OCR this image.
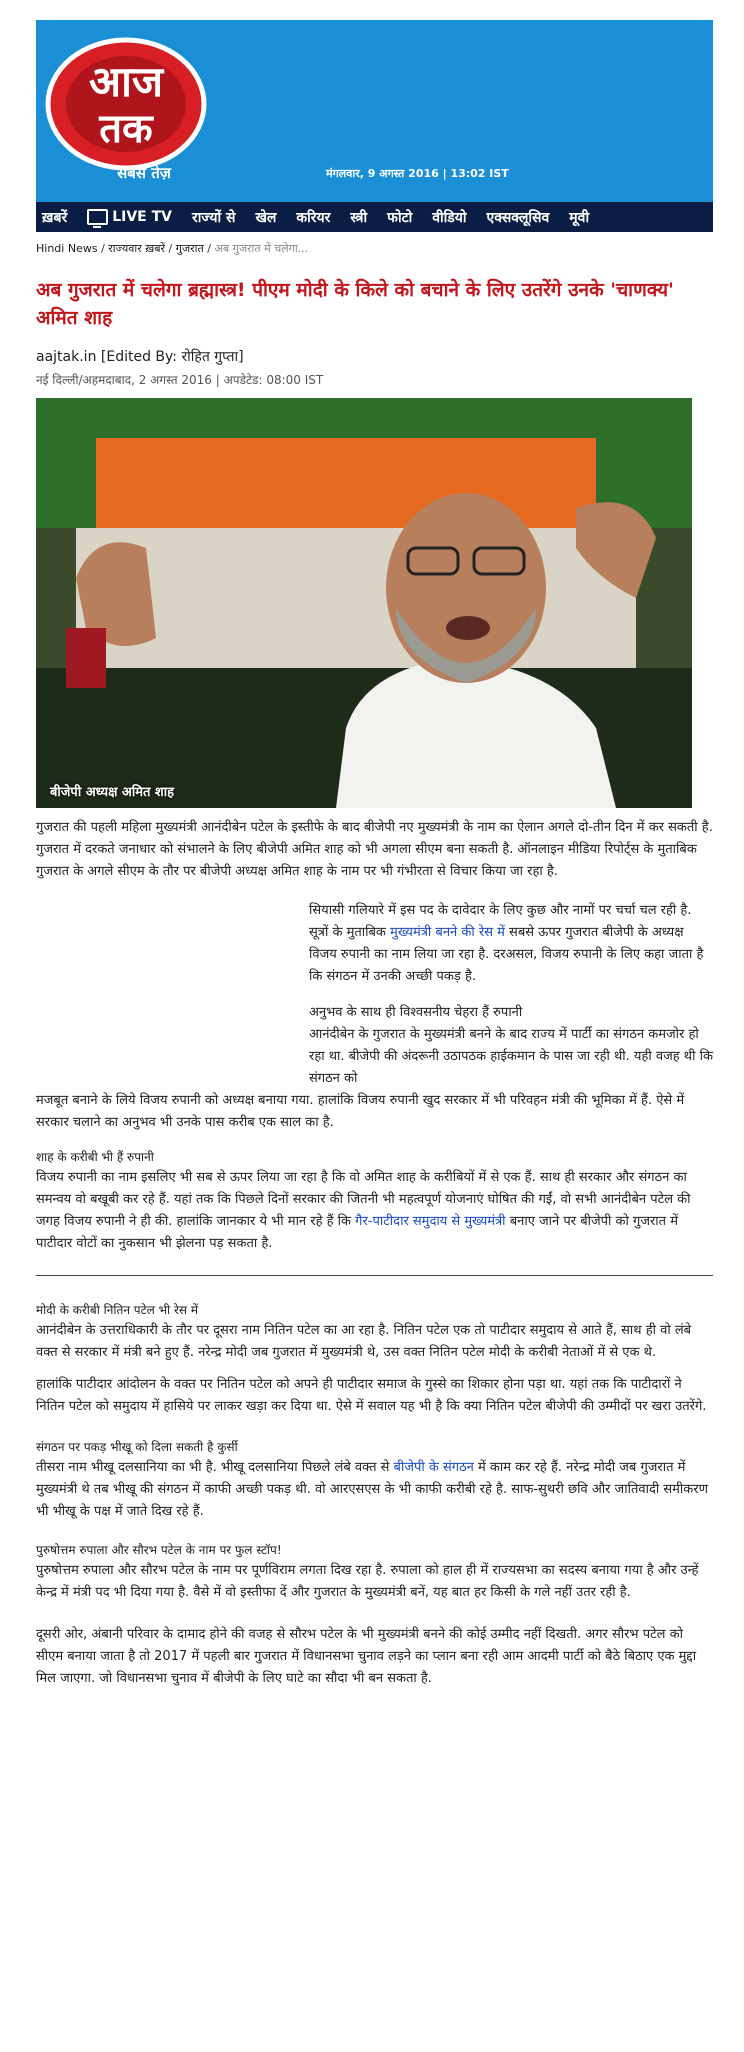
आज
तक
सबसे तेज़	मंगलवार, 9 अगस्त 2016 | 13:02 IST
ख़बरें	LIVE TV राज्यों से खेल करियर स्त्री फोटो वीडियो एक्सक्लूसिव मूवी
Hindi News / राज्यवार ख़बरें / गुजरात / अब गुजरात में चलेगा...
अब गुजरात में चलेगा ब्रह्मास्त्र! पीएम मोदी के किले को बचाने के लिए उतरेंगे उनके 'चाणक्य' अमित शाह
aajtak.in [Edited By: रोहित गुप्ता]
नई दिल्ली/अहमदाबाद, 2 अगस्त 2016 | अपडेटेड: 08:00 IST
बीजेपी अध्यक्ष अमित शाह

गुजरात की पहली महिला मुख्यमंत्री आनंदीबेन पटेल के इस्तीफे के बाद बीजेपी नए मुख्यमंत्री के नाम का ऐलान अगले दो-तीन दिन में कर सकती है. गुजरात में दरकते जनाधार को संभालने के लिए बीजेपी अमित शाह को भी अगला सीएम बना सकती है. ऑनलाइन मीडिया रिपोर्ट्स के मुताबिक गुजरात के अगले सीएम के तौर पर बीजेपी अध्यक्ष अमित शाह के नाम पर भी गंभीरता से विचार किया जा रहा है.

सियासी गलियारे में इस पद के दावेदार के लिए कुछ और नामों पर चर्चा चल रही है. सूत्रों के मुताबिक मुख्यमंत्री बनने की रेस में सबसे ऊपर गुजरात बीजेपी के अध्यक्ष विजय रुपानी का नाम लिया जा रहा है. दरअसल, विजय रुपानी के लिए कहा जाता है कि संगठन में उनकी अच्छी पकड़ है.

अनुभव के साथ ही विश्वसनीय चेहरा हैं रुपानी
आनंदीबेन के गुजरात के मुख्यमंत्री बनने के बाद राज्य में पार्टी का संगठन कमजोर हो रहा था. बीजेपी की अंदरूनी उठापठक हाईकमान के पास जा रही थी. यही वजह थी कि संगठन को

मजबूत बनाने के लिये विजय रुपानी को अध्यक्ष बनाया गया. हालांकि विजय रुपानी खुद सरकार में भी परिवहन मंत्री की भूमिका में हैं. ऐसे में सरकार चलाने का अनुभव भी उनके पास करीब एक साल का है.

शाह के करीबी भी हैं रुपानी

विजय रुपानी का नाम इसलिए भी सब से ऊपर लिया जा रहा है कि वो अमित शाह के करीबियों में से एक हैं. साथ ही सरकार और संगठन का समन्वय वो बखूबी कर रहे हैं. यहां तक कि पिछले दिनों सरकार की जितनी भी महत्वपूर्ण योजनाएं घोषित की गईं, वो सभी आनंदीबेन पटेल की जगह विजय रुपानी ने ही की. हालांकि जानकार ये भी मान रहे हैं कि गैर-पाटीदार समुदाय से मुख्यमंत्री बनाए जाने पर बीजेपी को गुजरात में पाटीदार वोटों का नुकसान भी झेलना पड़ सकता है.

मोदी के करीबी नितिन पटेल भी रेस में

आनंदीबेन के उत्तराधिकारी के तौर पर दूसरा नाम नितिन पटेल का आ रहा है. नितिन पटेल एक तो पाटीदार समुदाय से आते हैं, साथ ही वो लंबे वक्त से सरकार में मंत्री बने हुए हैं. नरेन्द्र मोदी जब गुजरात में मुख्यमंत्री थे, उस वक्त नितिन पटेल मोदी के करीबी नेताओं में से एक थे.

हालांकि पाटीदार आंदोलन के वक्त पर नितिन पटेल को अपने ही पाटीदार समाज के गुस्से का शिकार होना पड़ा था. यहां तक कि पाटीदारों ने नितिन पटेल को समुदाय में हासिये पर लाकर खड़ा कर दिया था. ऐसे में सवाल यह भी है कि क्या नितिन पटेल बीजेपी की उम्मीदों पर खरा उतरेंगे.

संगठन पर पकड़ भीखू को दिला सकती है कुर्सी

तीसरा नाम भीखू दलसानिया का भी है. भीखू दलसानिया पिछले लंबे वक्त से बीजेपी के संगठन में काम कर रहे हैं. नरेन्द्र मोदी जब गुजरात में मुख्यमंत्री थे तब भीखू की संगठन में काफी अच्छी पकड़ थी. वो आरएसएस के भी काफी करीबी रहे है. साफ-सुथरी छवि और जातिवादी समीकरण भी भीखू के पक्ष में जाते दिख रहे हैं.

पुरुषोत्तम रुपाला और सौरभ पटेल के नाम पर फुल स्टॉप!

पुरुषोत्तम रुपाला और सौरभ पटेल के नाम पर पूर्णविराम लगता दिख रहा है. रुपाला को हाल ही में राज्यसभा का सदस्य बनाया गया है और उन्हें केन्द्र में मंत्री पद भी दिया गया है. वैसे में वो इस्तीफा दें और गुजरात के मुख्यमंत्री बनें, यह बात हर किसी के गले नहीं उतर रही है.

दूसरी ओर, अंबानी परिवार के दामाद होने की वजह से सौरभ पटेल के भी मुख्यमंत्री बनने की कोई उम्मीद नहीं दिखती. अगर सौरभ पटेल को सीएम बनाया जाता है तो 2017 में पहली बार गुजरात में विधानसभा चुनाव लड़ने का प्लान बना रही आम आदमी पार्टी को बैठे बिठाए एक मुद्दा मिल जाएगा. जो विधानसभा चुनाव में बीजेपी के लिए घाटे का सौदा भी बन सकता है.
